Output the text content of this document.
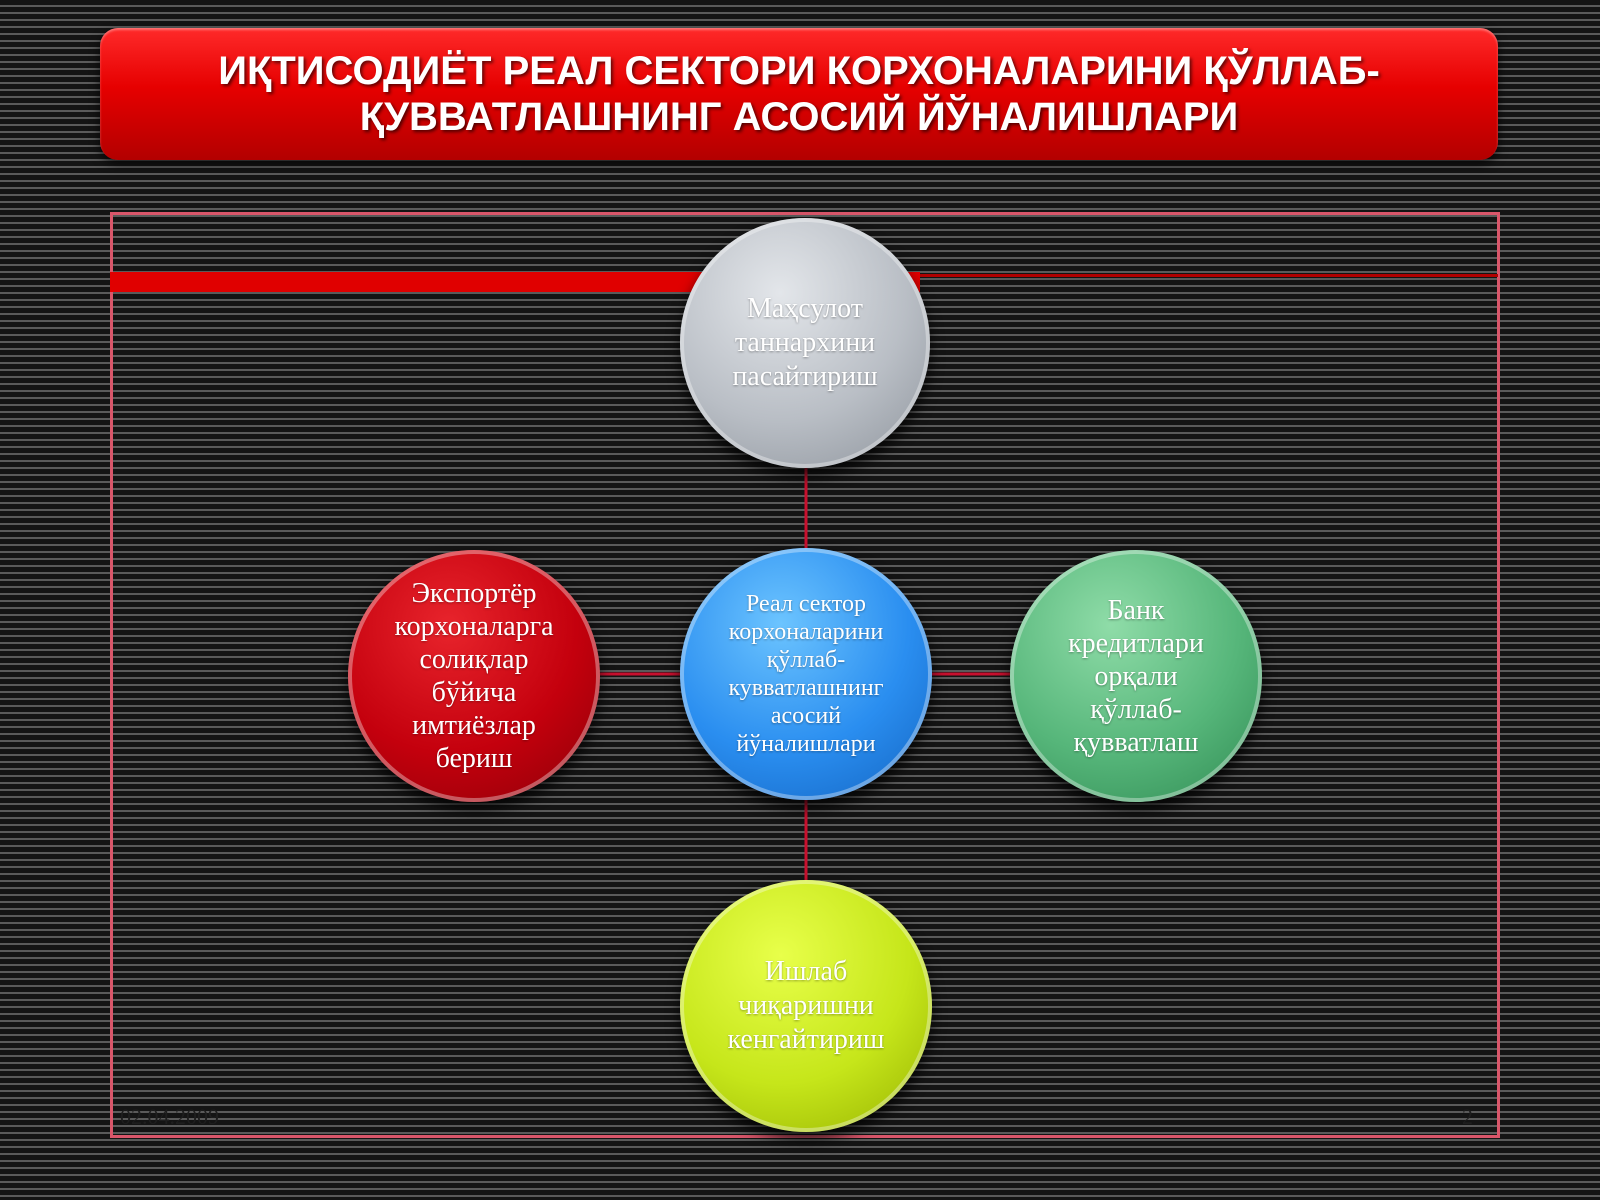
ИҚТИСОДИЁТ РЕАЛ СЕКТОРИ КОРХОНАЛАРИНИ ҚЎЛЛАБ-ҚУВВАТЛАШНИНГ АСОСИЙ ЙЎНАЛИШЛАРИ
Маҳсулот
таннархини
пасайтириш
Реал сектор
корхоналарини
қўллаб-
кувватлашнинг
асосий
йўналишлари
Экспортёр
корхоналарга
солиқлар
бўйича
имтиёзлар
бериш
Банк
кредитлари
орқали
қўллаб-
қувватлаш
Ишлаб
чиқаришни
кенгайтириш
02.04.2009	2
